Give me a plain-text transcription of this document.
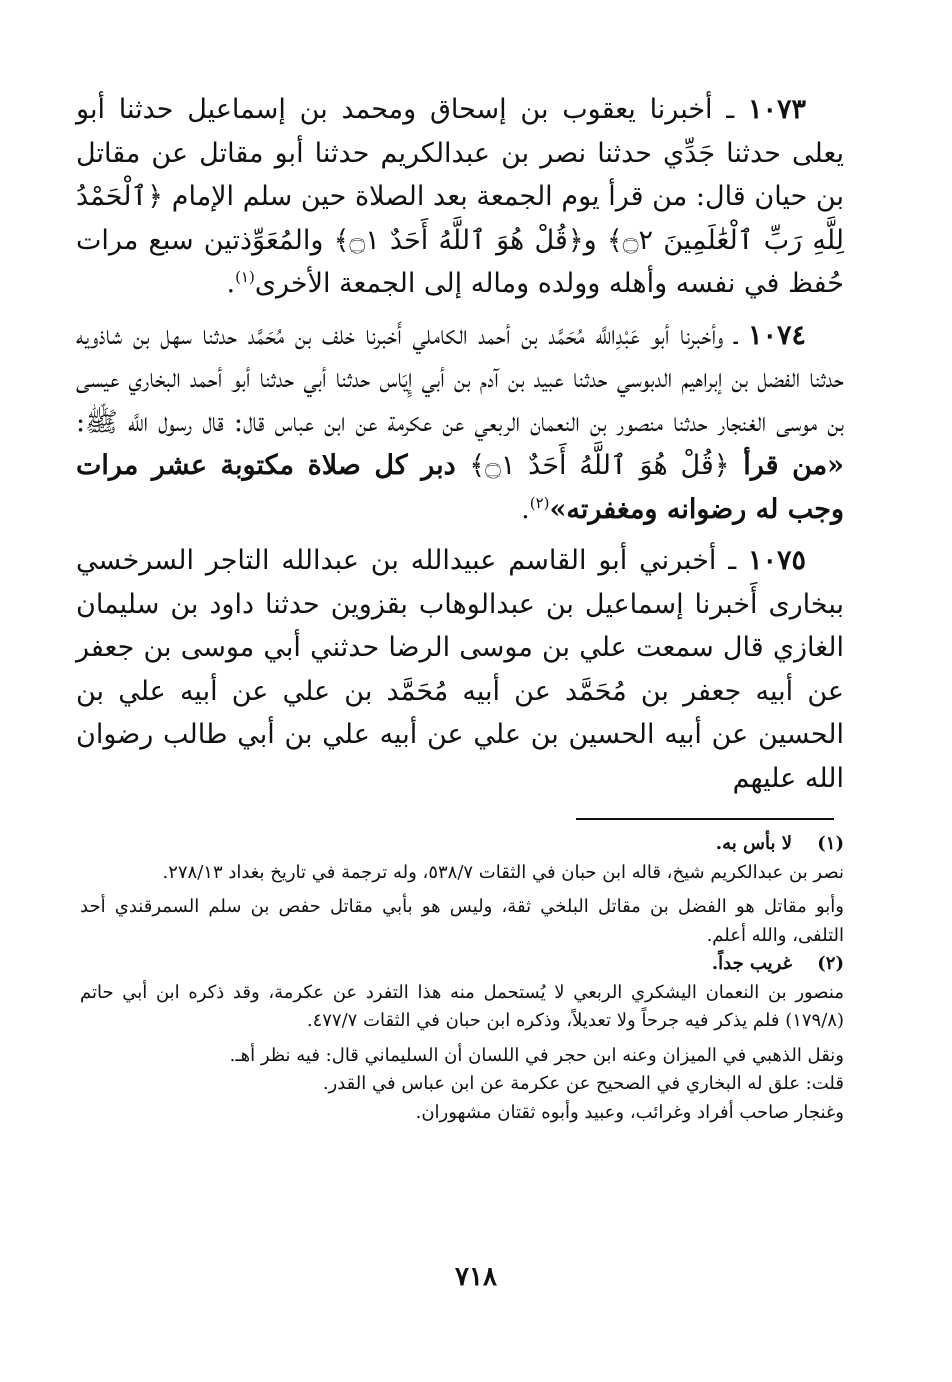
١٠٧٣ ـ أخبرنا يعقوب بن إسحاق ومحمد بن إسماعيل حدثنا أبو يعلى حدثنا جَدِّي حدثنا نصر بن عبدالكريم حدثنا أبو مقاتل عن مقاتل بن حيان قال: من قرأ يوم الجمعة بعد الصلاة حين سلم الإمام ﴿ٱلْحَمْدُ لِلَّهِ رَبِّ ٱلْعَٰلَمِينَ ۝٢﴾ و﴿قُلْ هُوَ ٱللَّهُ أَحَدٌ ۝١﴾ والمُعَوِّذتين سبع مرات حُفظ في نفسه وأهله وولده وماله إلى الجمعة الأخرى$^{(١)}$.

١٠٧٤ ـ وأخبرنا أبو عَبْدِاللَّه مُحَمَّد بن أحمد الكاملي أَخبرنا خلف بن مُحَمَّد حدثنا سهل بن شاذويه حدثنا الفضل بن إبراهيم الدبوسي حدثنا عبيد بن آدم بن أبي إِيَاس حدثنا أبي حدثنا أبو أحمد البخاري عيسى بن موسى الغنجار حدثنا منصور بن النعمان الربعي عن عكرمة عن ابن عباس قال: قال رسول اللَّه ﷺ: «من قرأ ﴿قُلْ هُوَ ٱللَّهُ أَحَدٌ ۝١﴾ دبر كل صلاة مكتوبة عشر مرات وجب له رضوانه ومغفرته»$^{(٢)}$.

١٠٧٥ ـ أخبرني أبو القاسم عبيدالله بن عبدالله التاجر السرخسي ببخارى أَخبرنا إسماعيل بن عبدالوهاب بقزوين حدثنا داود بن سليمان الغازي قال سمعت علي بن موسى الرضا حدثني أبي موسى بن جعفر عن أبيه جعفر بن مُحَمَّد عن أبيه مُحَمَّد بن علي عن أبيه علي بن الحسين عن أبيه الحسين بن علي عن أبيه علي بن أبي طالب رضوان الله عليهم

(١)
لا بأس به.

نصر بن عبدالكريم شيخ، قاله ابن حبان في الثقات ٥٣٨/٧، وله ترجمة في تاريخ بغداد ٢٧٨/١٣.

وأبو مقاتل هو الفضل بن مقاتل البلخي ثقة، وليس هو بأبي مقاتل حفص بن سلم السمرقندي أحد التلفى، والله أعلم.

(٢)
غريب جداً.

منصور بن النعمان اليشكري الربعي لا يُستحمل منه هذا التفرد عن عكرمة، وقد ذكره ابن أبي حاتم (١٧٩/٨) فلم يذكر فيه جرحاً ولا تعديلاً، وذكره ابن حبان في الثقات ٤٧٧/٧.

ونقل الذهبي في الميزان وعنه ابن حجر في اللسان أن السليماني قال: فيه نظر أهـ.

قلت: علق له البخاري في الصحيح عن عكرمة عن ابن عباس في القدر.

وغنجار صاحب أفراد وغرائب، وعبيد وأبوه ثقتان مشهوران.

٧١٨
